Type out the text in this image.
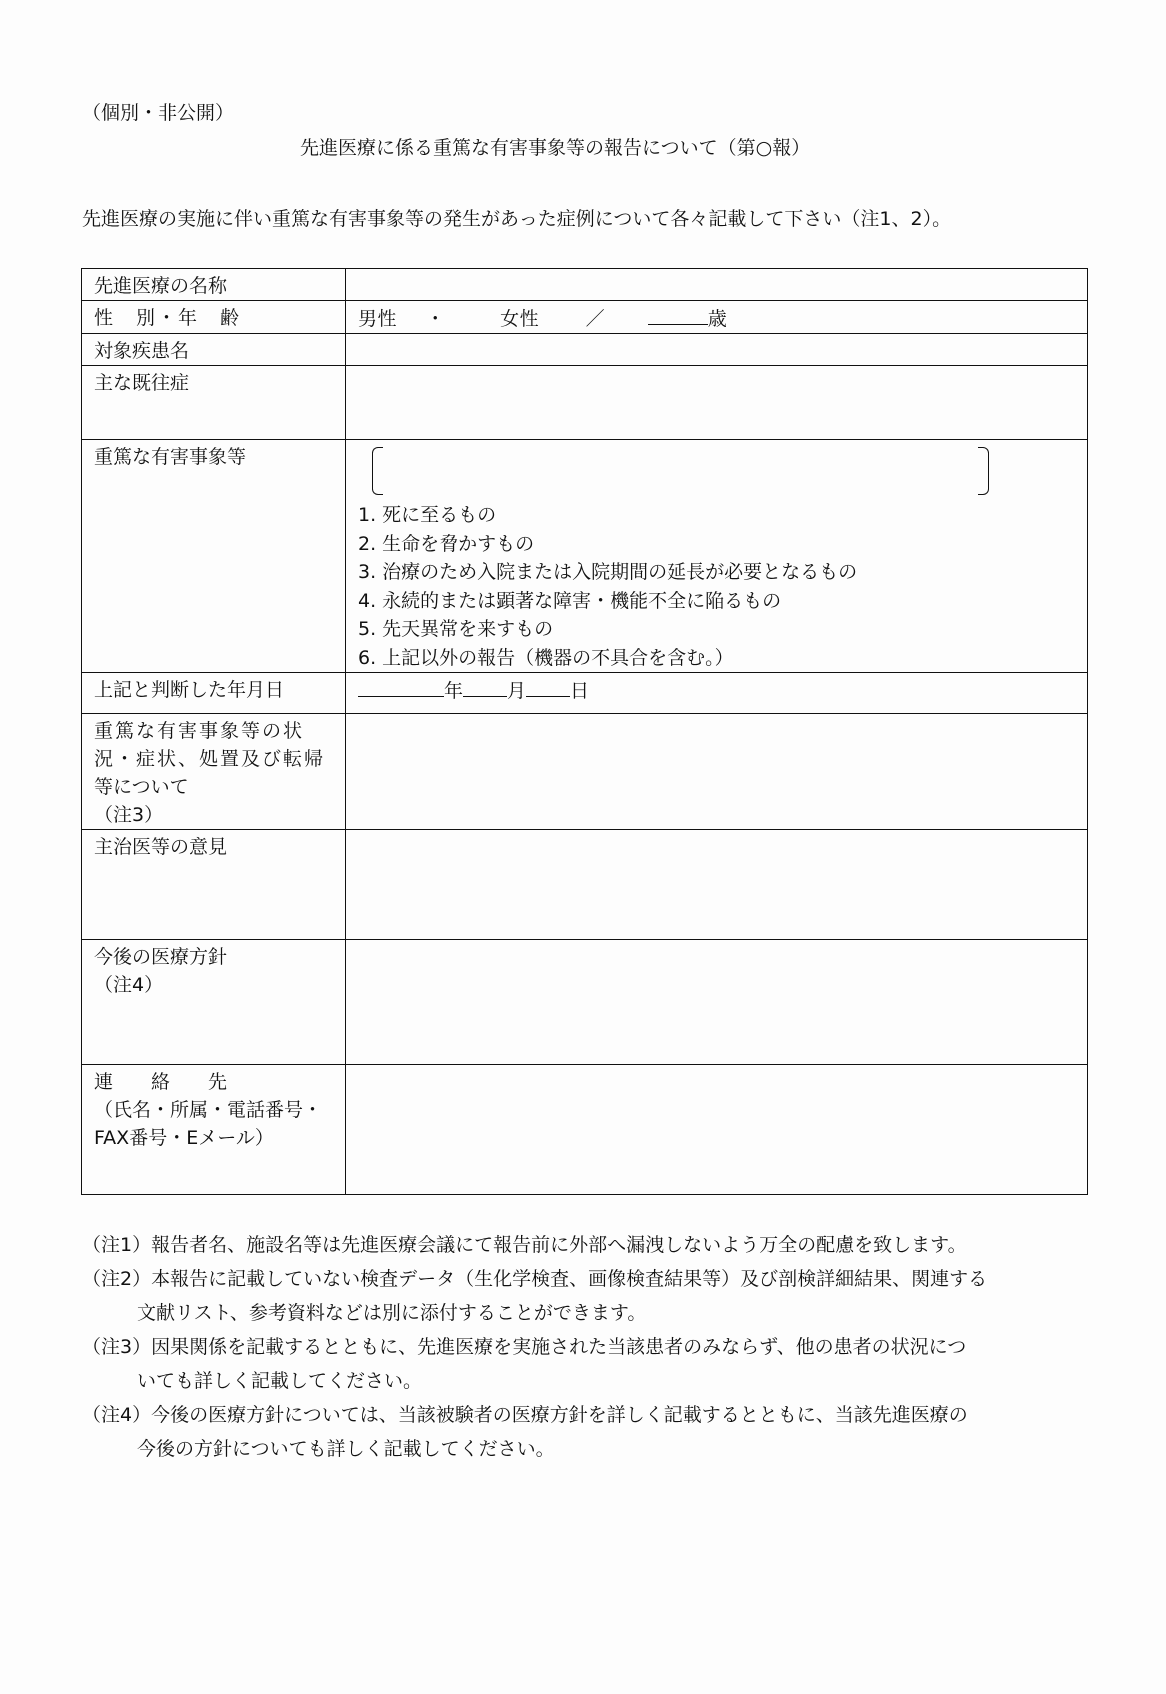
（個別・非公開）
先進医療に係る重篤な有害事象等の報告について（第○報）
先進医療の実施に伴い重篤な有害事象等の発生があった症例について各々記載して下さい（注1、2）。
先進医療の名称	
性　別・年　齢	男性 ・ 女性 ／ 歳
対象疾患名	
主な既往症	
重篤な有害事象等	
1. 死に至るもの
2. 生命を脅かすもの
3. 治療のため入院または入院期間の延長が必要となるもの
4. 永続的または顕著な障害・機能不全に陥るもの
5. 先天異常を来すもの
6. 上記以外の報告（機器の不具合を含む。）

上記と判断した年月日	年 月 日

重篤な有害事象等の状
況・症状、処置及び転帰
等について
（注3）	

主治医等の意見	

今後の医療方針
（注4）	

連　　絡　　先
（氏名・所属・電話番号・
FAX番号・Eメール）	

（注1）報告者名、施設名等は先進医療会議にて報告前に外部へ漏洩しないよう万全の配慮を致します。
（注2）本報告に記載していない検査データ（生化学検査、画像検査結果等）及び剖検詳細結果、関連する
文献リスト、参考資料などは別に添付することができます。
（注3）因果関係を記載するとともに、先進医療を実施された当該患者のみならず、他の患者の状況につ
いても詳しく記載してください。
（注4）今後の医療方針については、当該被験者の医療方針を詳しく記載するとともに、当該先進医療の
今後の方針についても詳しく記載してください。
